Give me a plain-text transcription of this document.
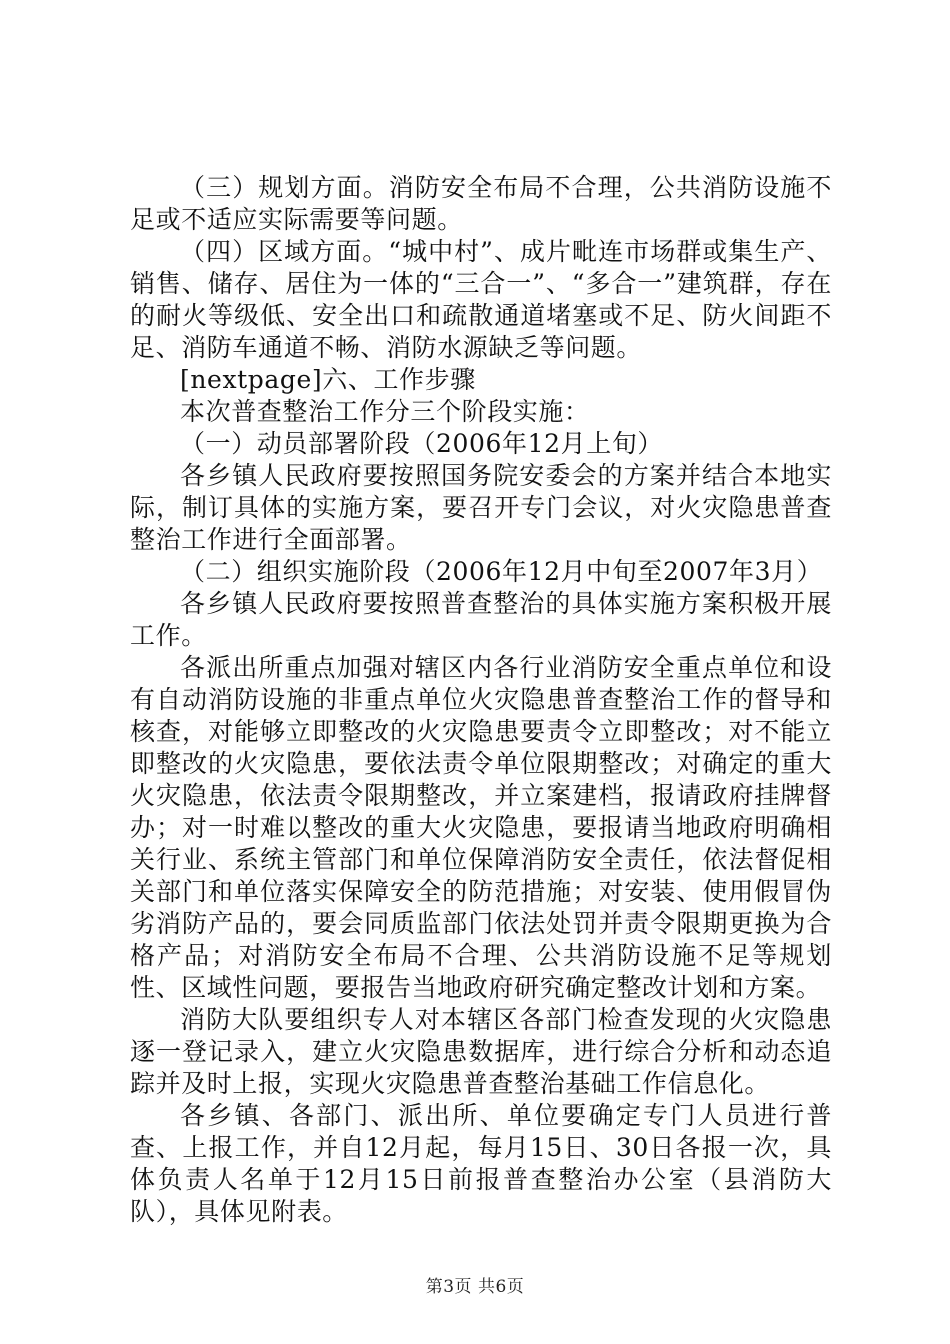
（三）规划方面。消防安全布局不合理，公共消防设施不足或不适应实际需要等问题。

（四）区域方面。“城中村”、成片毗连市场群或集生产、销售、储存、居住为一体的“三合一”、“多合一”建筑群，存在的耐火等级低、安全出口和疏散通道堵塞或不足、防火间距不足、消防车通道不畅、消防水源缺乏等问题。

[nextpage]六、工作步骤

本次普查整治工作分三个阶段实施：

（一）动员部署阶段（2006年12月上旬）

各乡镇人民政府要按照国务院安委会的方案并结合本地实际，制订具体的实施方案，要召开专门会议，对火灾隐患普查整治工作进行全面部署。

（二）组织实施阶段（2006年12月中旬至2007年3月）

各乡镇人民政府要按照普查整治的具体实施方案积极开展工作。

各派出所重点加强对辖区内各行业消防安全重点单位和设有自动消防设施的非重点单位火灾隐患普查整治工作的督导和核查，对能够立即整改的火灾隐患要责令立即整改；对不能立即整改的火灾隐患，要依法责令单位限期整改；对确定的重大火灾隐患，依法责令限期整改，并立案建档，报请政府挂牌督办；对一时难以整改的重大火灾隐患，要报请当地政府明确相关行业、系统主管部门和单位保障消防安全责任，依法督促相关部门和单位落实保障安全的防范措施；对安装、使用假冒伪劣消防产品的，要会同质监部门依法处罚并责令限期更换为合格产品；对消防安全布局不合理、公共消防设施不足等规划性、区域性问题，要报告当地政府研究确定整改计划和方案。

消防大队要组织专人对本辖区各部门检查发现的火灾隐患逐一登记录入，建立火灾隐患数据库，进行综合分析和动态追踪并及时上报，实现火灾隐患普查整治基础工作信息化。

各乡镇、各部门、派出所、单位要确定专门人员进行普查、上报工作，并自12月起，每月15日、30日各报一次，具体负责人名单于12月15日前报普查整治办公室（县消防大队），具体见附表。

第3页 共6页
